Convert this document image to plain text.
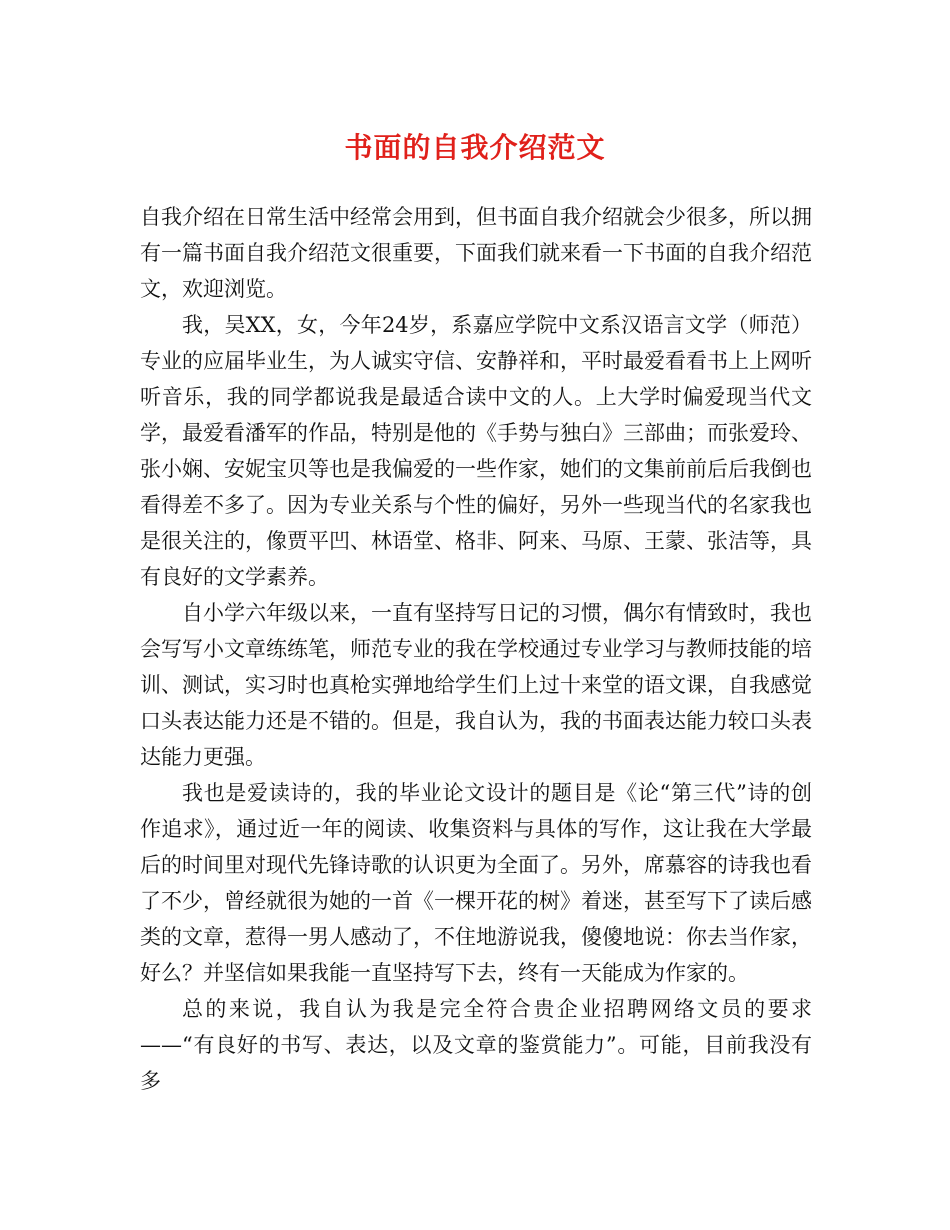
书面的自我介绍范文

自我介绍在日常生活中经常会用到，但书面自我介绍就会少很多，所以拥有一篇书面自我介绍范文很重要，下面我们就来看一下书面的自我介绍范文，欢迎浏览。

我，吴XX，女，今年24岁，系嘉应学院中文系汉语言文学（师范）专业的应届毕业生，为人诚实守信、安静祥和，平时最爱看看书上上网听听音乐，我的同学都说我是最适合读中文的人。上大学时偏爱现当代文学，最爱看潘军的作品，特别是他的《手势与独白》三部曲；而张爱玲、张小娴、安妮宝贝等也是我偏爱的一些作家，她们的文集前前后后我倒也看得差不多了。因为专业关系与个性的偏好，另外一些现当代的名家我也是很关注的，像贾平凹、林语堂、格非、阿来、马原、王蒙、张洁等，具有良好的文学素养。

自小学六年级以来，一直有坚持写日记的习惯，偶尔有情致时，我也会写写小文章练练笔，师范专业的我在学校通过专业学习与教师技能的培训、测试，实习时也真枪实弹地给学生们上过十来堂的语文课，自我感觉口头表达能力还是不错的。但是，我自认为，我的书面表达能力较口头表达能力更强。

我也是爱读诗的，我的毕业论文设计的题目是《论“第三代”诗的创作追求》，通过近一年的阅读、收集资料与具体的写作，这让我在大学最后的时间里对现代先锋诗歌的认识更为全面了。另外，席慕容的诗我也看了不少，曾经就很为她的一首《一棵开花的树》着迷，甚至写下了读后感类的文章，惹得一男人感动了，不住地游说我，傻傻地说：你去当作家，好么？并坚信如果我能一直坚持写下去，终有一天能成为作家的。

总的来说，我自认为我是完全符合贵企业招聘网络文员的要求——“有良好的书写、表达，以及文章的鉴赏能力”。可能，目前我没有多
